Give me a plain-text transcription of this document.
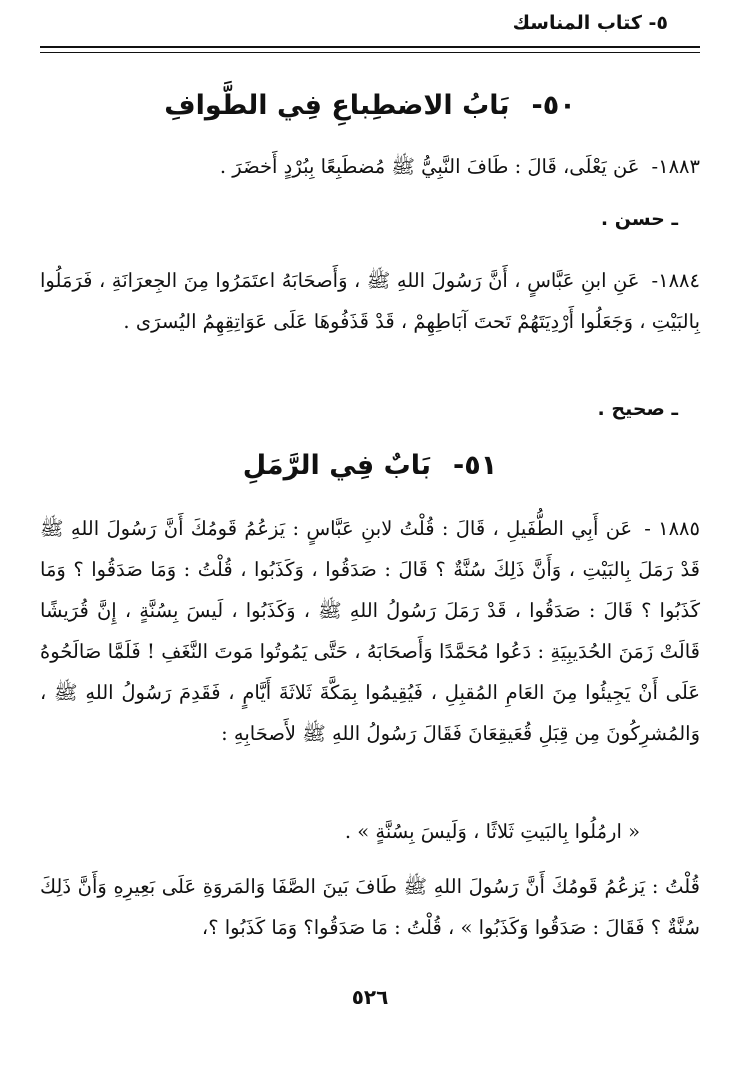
٥- كتاب المناسك
٥٠-بَابُ الاضطِباعِ فِي الطَّوافِ
١٨٨٣-عَن يَعْلَى، قَالَ : طَافَ النَّبِيُّ ﷺ مُضطَبِعًا بِبُرْدٍ أَخضَرَ .
ـ حسن .
١٨٨٤-عَنِ ابنِ عَبَّاسٍ ، أَنَّ رَسُولَ اللهِ ﷺ ، وَأَصحَابَهُ اعتَمَرُوا مِنَ الجِعرَانَةِ ، فَرَمَلُوا بِالبَيْتِ ، وَجَعَلُوا أَرْدِيَتَهُمْ تَحتَ آبَاطِهِمْ ، قَدْ قَذَفُوهَا عَلَى عَوَاتِقِهِمُ اليُسرَى .
ـ صحيح .
٥١-بَابٌ فِي الرَّمَلِ
١٨٨٥ -عَن أَبِي الطُّفَيلِ ، قَالَ : قُلْتُ لابنِ عَبَّاسٍ : يَزعُمُ قَومُكَ أَنَّ رَسُولَ اللهِ ﷺ قَدْ رَمَلَ بِالبَيْتِ ، وَأَنَّ ذَلِكَ سُنَّةٌ ؟ قَالَ : صَدَقُوا ، وَكَذَبُوا ، قُلْتُ : وَمَا صَدَقُوا ؟ وَمَا كَذَبُوا ؟ قَالَ : صَدَقُوا ، قَدْ رَمَلَ رَسُولُ اللهِ ﷺ ، وَكَذَبُوا ، لَيسَ بِسُنَّةٍ ، إِنَّ قُرَيشًا قَالَتْ زَمَنَ الحُدَيبِيَةِ : دَعُوا مُحَمَّدًا وَأَصحَابَهُ ، حَتَّى يَمُوتُوا مَوتَ النَّغَفِ ! فَلَمَّا صَالَحُوهُ عَلَى أَنْ يَجِيئُوا مِنَ العَامِ المُقبِلِ ، فَيُقِيمُوا بِمَكَّةَ ثَلاثَةَ أَيَّامٍ ، فَقَدِمَ رَسُولُ اللهِ ﷺ ، وَالمُشرِكُونَ مِن قِبَلِ قُعَيقِعَانَ فَقَالَ رَسُولُ اللهِ ﷺ لأَصحَابِهِ :
« ارمُلُوا بِالبَيتِ ثَلاثًا ، وَلَيسَ بِسُنَّةٍ » .
قُلْتُ : يَزعُمُ قَومُكَ أَنَّ رَسُولَ اللهِ ﷺ طَافَ بَينَ الصَّفَا وَالمَروَةِ عَلَى بَعِيرِهِ وَأَنَّ ذَلِكَ سُنَّةٌ ؟ فَقَالَ : صَدَقُوا وَكَذَبُوا » ، قُلْتُ : مَا صَدَقُوا؟ وَمَا كَذَبُوا ؟،
٥٢٦
